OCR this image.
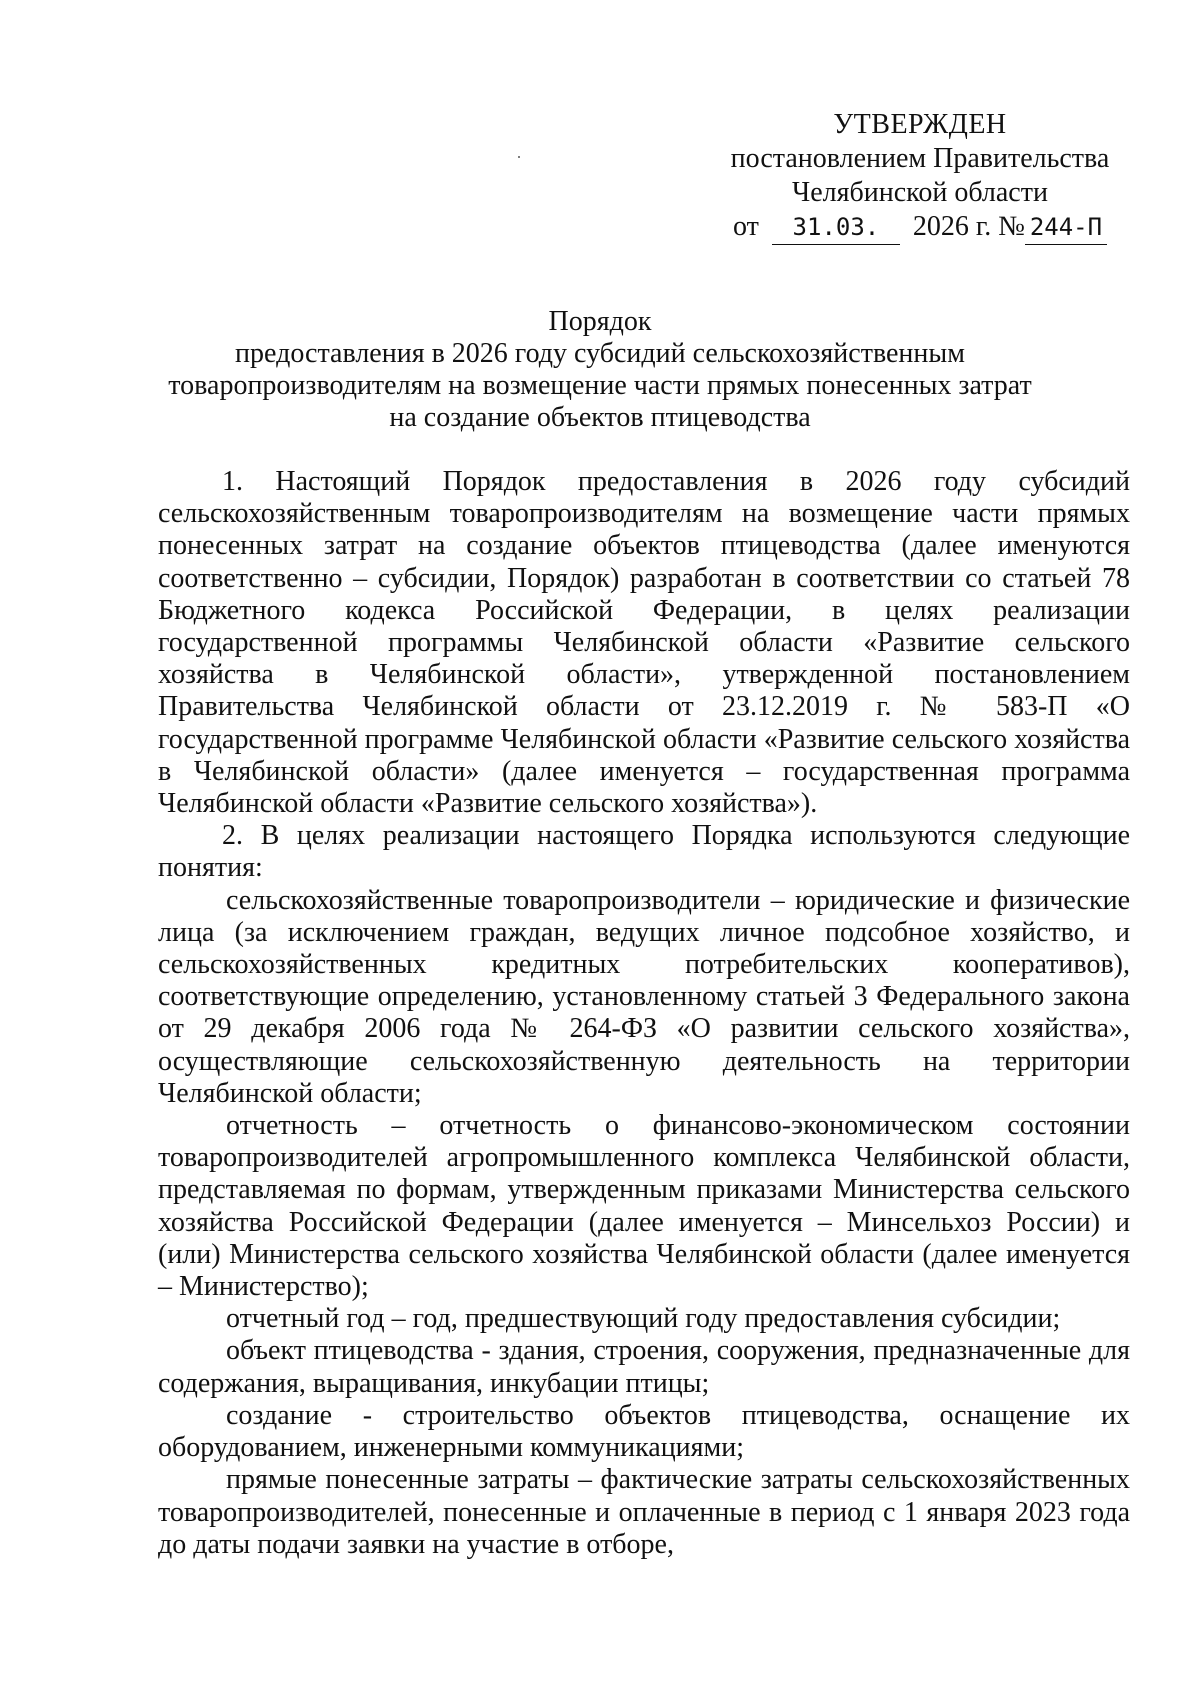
УТВЕРЖДЕН
постановлением Правительства
Челябинской области
от 31.03. 2026 г. № 244-П
Порядок
предоставления в 2026 году субсидий сельскохозяйственным
товаропроизводителям на возмещение части прямых понесенных затрат
на создание объектов птицеводства

1. Настоящий Порядок предоставления в 2026 году субсидий сельскохозяйственным товаропроизводителям на возмещение части прямых понесенных затрат на создание объектов птицеводства (далее именуются соответственно – субсидии, Порядок) разработан в соответствии со статьей 78 Бюджетного кодекса Российской Федерации, в целях реализации государственной программы Челябинской области «Развитие сельского хозяйства в Челябинской области», утвержденной постановлением Правительства Челябинской области от 23.12.2019 г. № 583-П «О государственной программе Челябинской области «Развитие сельского хозяйства в Челябинской области» (далее именуется – государственная программа Челябинской области «Развитие сельского хозяйства»).

2. В целях реализации настоящего Порядка используются следующие понятия:

сельскохозяйственные товаропроизводители – юридические и физические лица (за исключением граждан, ведущих личное подсобное хозяйство, и сельскохозяйственных кредитных потребительских кооперативов), соответствующие определению, установленному статьей 3 Федерального закона от 29 декабря 2006 года № 264-ФЗ «О развитии сельского хозяйства», осуществляющие сельскохозяйственную деятельность на территории Челябинской области;

отчетность – отчетность о финансово-экономическом состоянии товаропроизводителей агропромышленного комплекса Челябинской области, представляемая по формам, утвержденным приказами Министерства сельского хозяйства Российской Федерации (далее именуется – Минсельхоз России) и (или) Министерства сельского хозяйства Челябинской области (далее именуется – Министерство);

отчетный год – год, предшествующий году предоставления субсидии;

объект птицеводства - здания, строения, сооружения, предназначенные для содержания, выращивания, инкубации птицы;

создание - строительство объектов птицеводства, оснащение их оборудованием, инженерными коммуникациями;

прямые понесенные затраты – фактические затраты сельскохозяйственных товаропроизводителей, понесенные и оплаченные в период с 1 января 2023 года до даты подачи заявки на участие в отборе,
